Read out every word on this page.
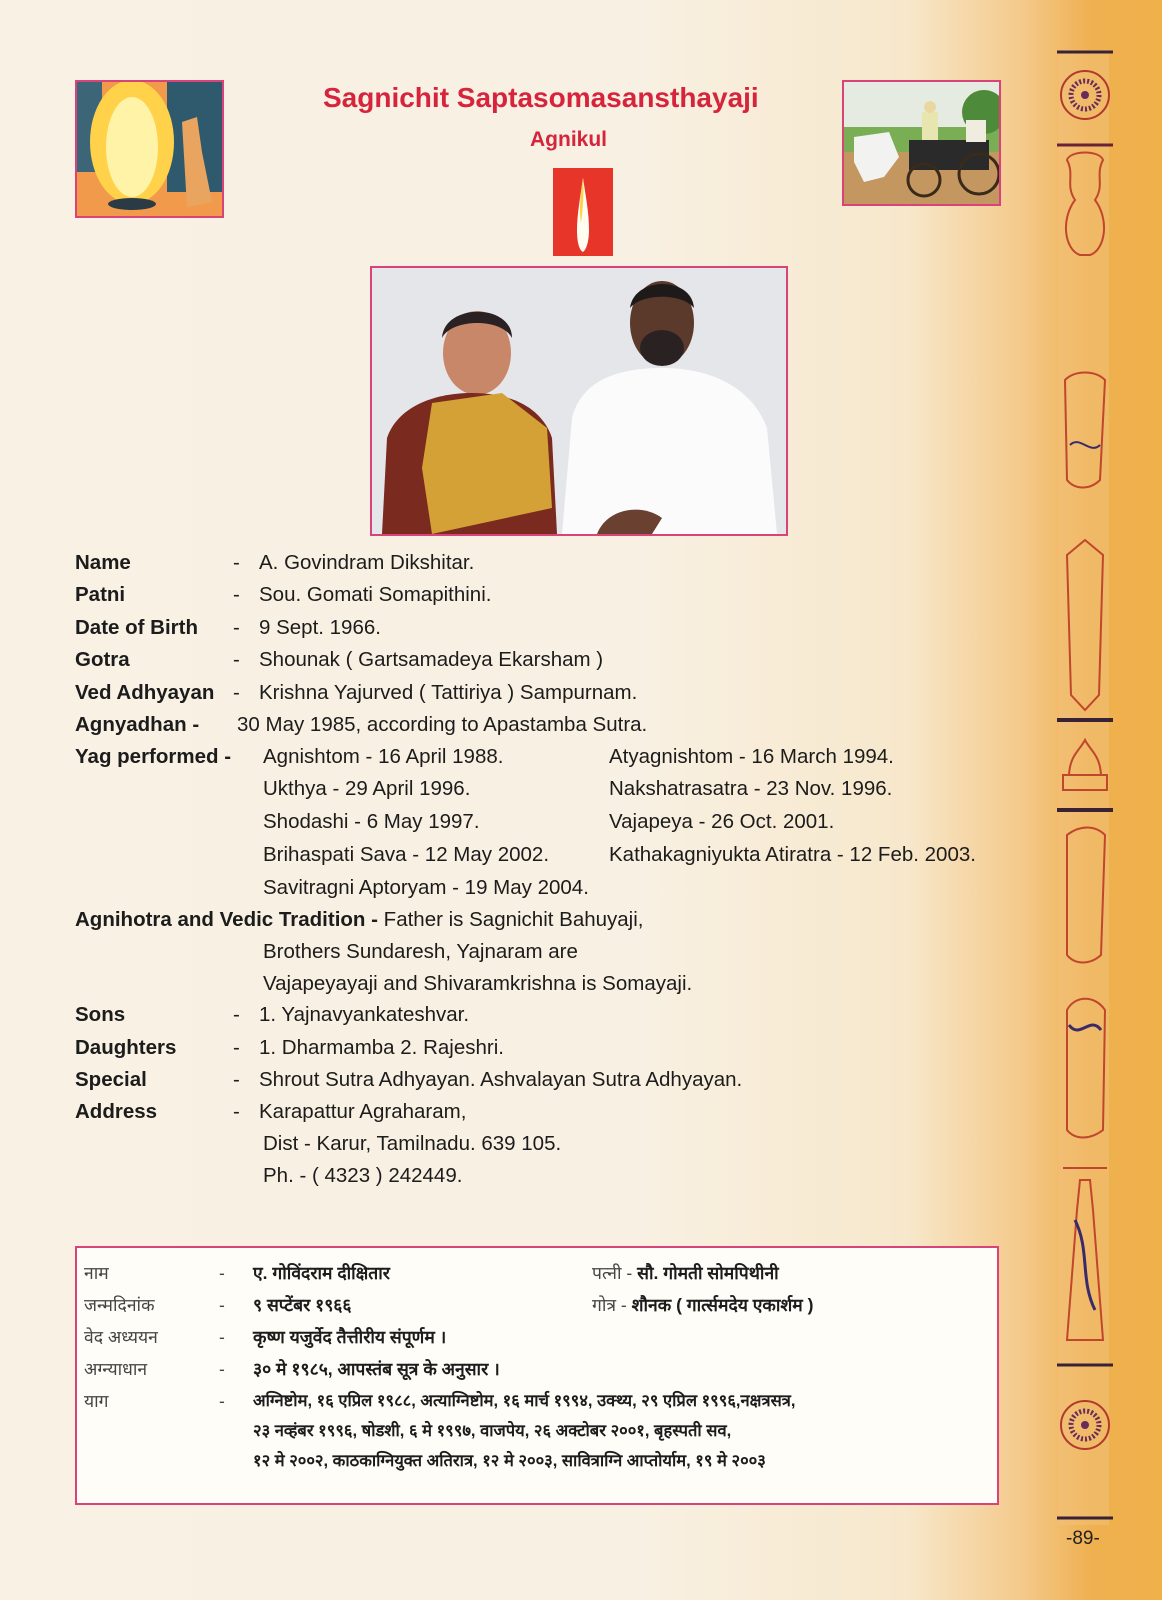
Sagnichit Saptasomasansthayaji
Agnikul
Name	- A. Govindram Dikshitar.
Patni	- Sou. Gomati Somapithini.
Date of Birth - 9 Sept. 1966.
Gotra	- Shounak ( Gartsamadeya Ekarsham )
Ved Adhyayan - Krishna Yajurved ( Tattiriya ) Sampurnam.
Agnyadhan - 30 May 1985, according to Apastamba Sutra.
Yag performed - Agnishtom - 16 April 1988.	Atyagnishtom - 16 March 1994.
Ukthya - 29 April 1996.	Nakshatrasatra - 23 Nov. 1996.
Shodashi - 6 May 1997.	Vajapeya - 26 Oct. 2001.
Brihaspati Sava - 12 May 2002.	Kathakagniyukta Atiratra - 12 Feb. 2003.
Savitragni Aptoryam - 19 May 2004.
Agnihotra and Vedic Tradition - Father is Sagnichit Bahuyaji,
Brothers Sundaresh, Yajnaram are
Vajapeyayaji and Shivaramkrishna is Somayaji.
Sons	- 1. Yajnavyankateshvar.
Daughters	- 1. Dharmamba 2. Rajeshri.
Special	- Shrout Sutra Adhyayan. Ashvalayan Sutra Adhyayan.
Address	- Karapattur Agraharam,
Dist - Karur, Tamilnadu. 639 105.
Ph. - ( 4323 ) 242449.
नाम	- ए. गोविंदराम दीक्षितार	पत्नी - सौ. गोमती सोमपिथीनी
जन्मदिनांक	- ९ सप्टेंबर १९६६	गोत्र - शौनक ( गार्त्समदेय एकार्शम )
वेद अध्ययन	- कृष्ण यजुर्वेद तैत्तीरीय संपूर्णम ।
अग्न्याधान	- ३० मे १९८५, आपस्तंब सूत्र के अनुसार ।
याग	- अग्निष्टोम, १६ एप्रिल १९८८, अत्याग्निष्टोम, १६ मार्च १९९४, उक्थ्य, २९ एप्रिल १९९६,नक्षत्रसत्र,
२३ नव्हंबर १९९६, षोडशी, ६ मे १९९७, वाजपेय, २६ अक्टोबर २००१, बृहस्पती सव,
१२ मे २००२, काठकाग्नियुक्त अतिरात्र, १२ मे २००३, सावित्राग्नि आप्तोर्याम, १९ मे २००३
-89-
